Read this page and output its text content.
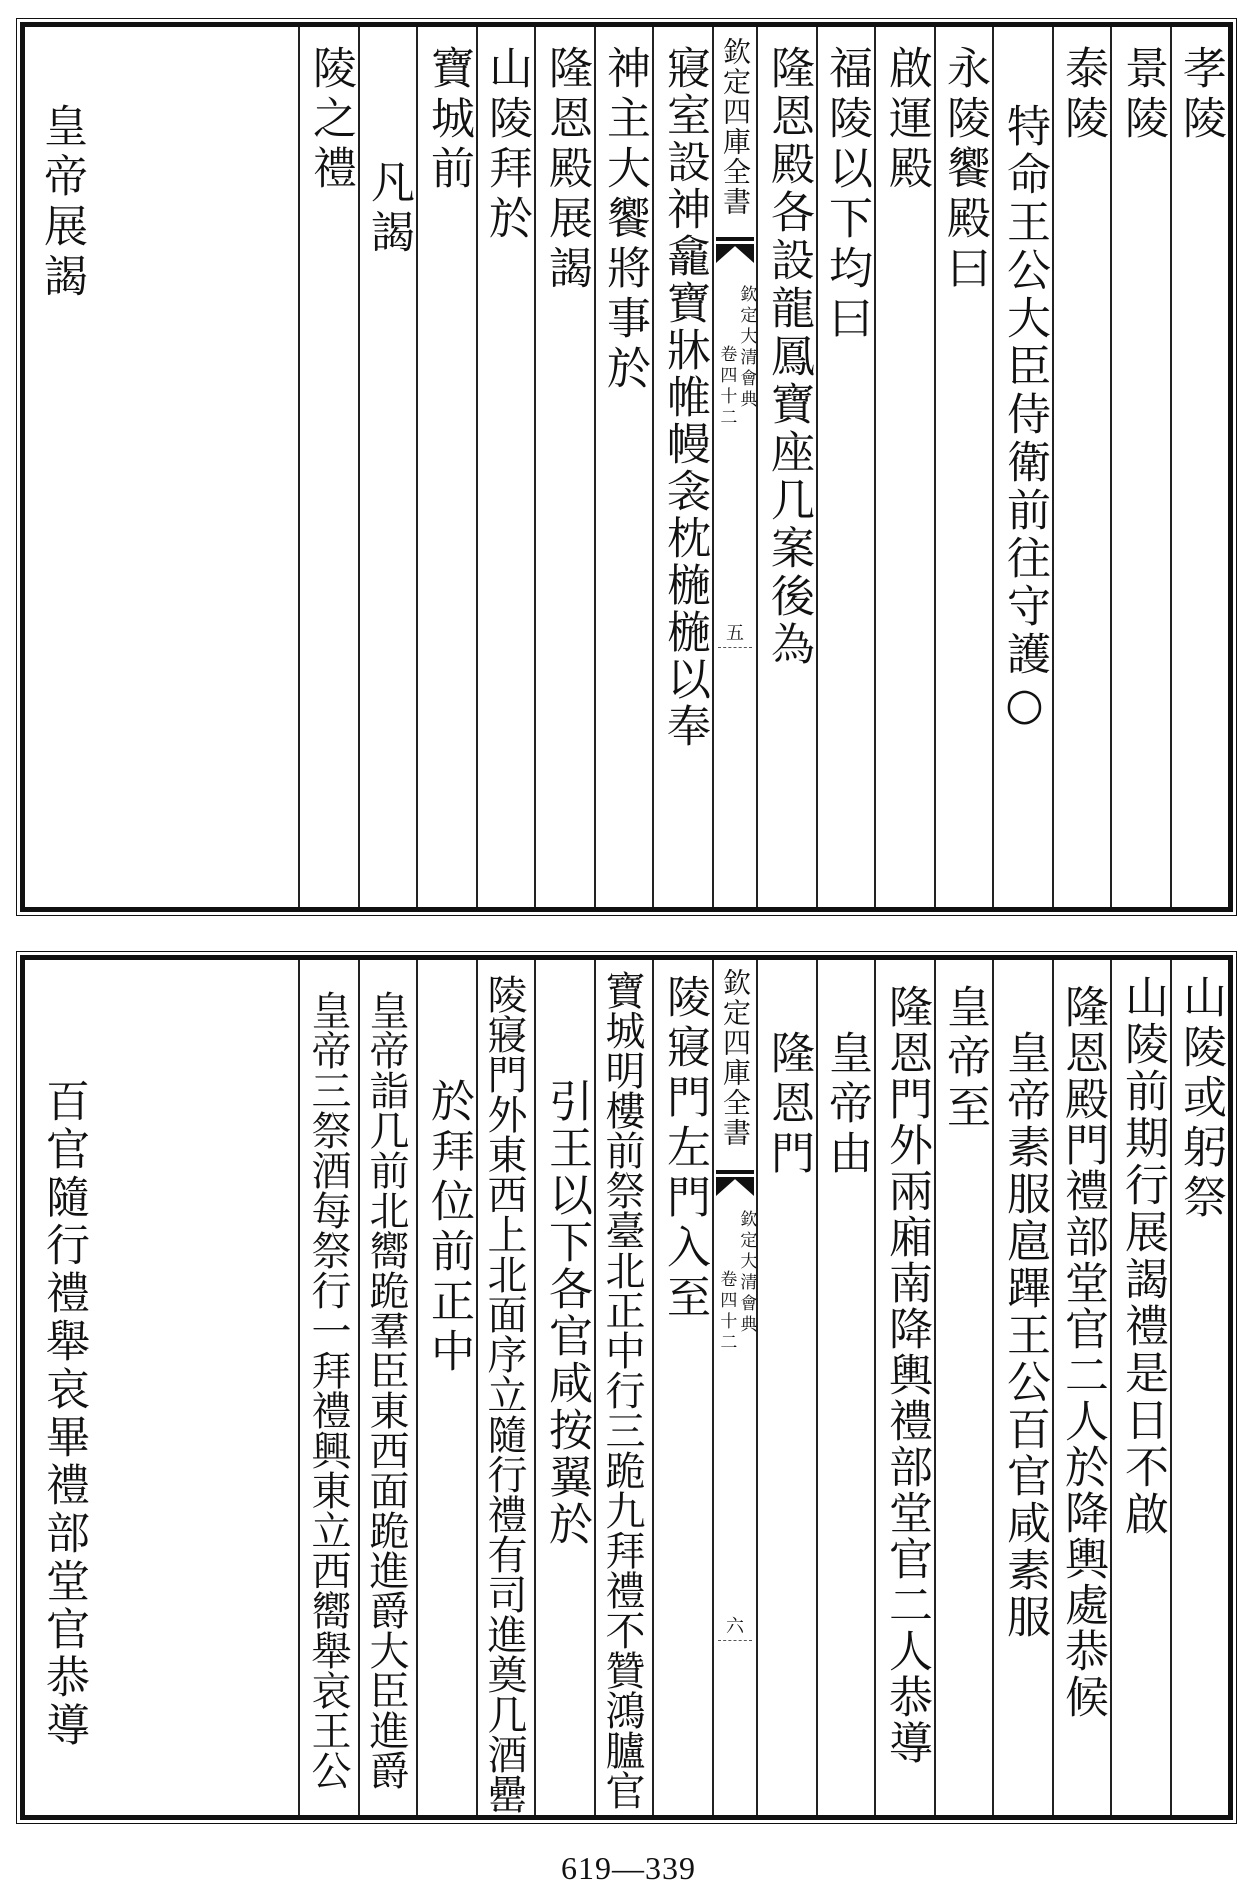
孝陵
景陵
泰陵
特命王公大臣侍衛前往守護○
永陵饗殿曰
啟運殿
福陵以下均曰
隆恩殿各設龍鳳寶座几案後為
欽定四庫全書
欽定大清會典
卷四十二
五
寢室設神龕寶牀帷幔衾枕椸椸以奉
神主大饗將事於
隆恩殿展謁
山陵拜於
寶城前
凡謁
陵之禮
皇帝展謁
山陵或躬祭
山陵前期行展謁禮是日不啟
隆恩殿門禮部堂官二人於降輿處恭候
皇帝素服扈蹕王公百官咸素服
皇帝至
隆恩門外兩廂南降輿禮部堂官二人恭導
皇帝由
隆恩門
欽定四庫全書
欽定大清會典
卷四十二
六
陵寢門左門入至
寶城明樓前祭臺北正中行三跪九拜禮不贊鴻臚官
引王以下各官咸按翼於
陵寢門外東西上北面序立隨行禮有司進奠几酒罍
於拜位前正中
皇帝詣几前北嚮跪羣臣東西面跪進爵大臣進爵
皇帝三祭酒每祭行一拜禮興東立西嚮舉哀王公
百官隨行禮舉哀畢禮部堂官恭導
619—339
